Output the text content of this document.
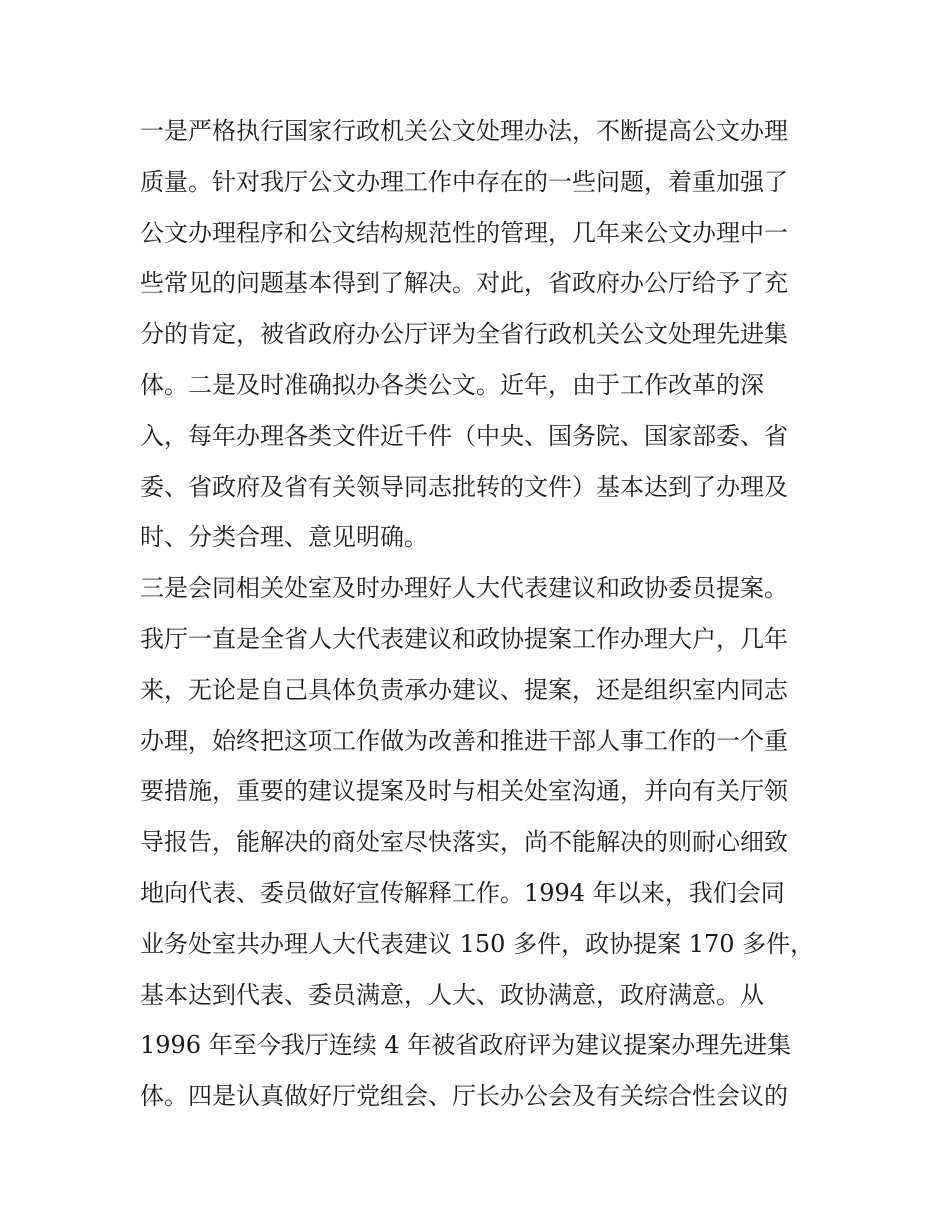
一是严格执行国家行政机关公文处理办法，不断提高公文办理
质量。针对我厅公文办理工作中存在的一些问题，着重加强了
公文办理程序和公文结构规范性的管理，几年来公文办理中一
些常见的问题基本得到了解决。对此，省政府办公厅给予了充
分的肯定，被省政府办公厅评为全省行政机关公文处理先进集
体。二是及时准确拟办各类公文。近年，由于工作改革的深
入，每年办理各类文件近千件（中央、国务院、国家部委、省
委、省政府及省有关领导同志批转的文件）基本达到了办理及
时、分类合理、意见明确。
三是会同相关处室及时办理好人大代表建议和政协委员提案。
我厅一直是全省人大代表建议和政协提案工作办理大户，几年
来，无论是自己具体负责承办建议、提案，还是组织室内同志
办理，始终把这项工作做为改善和推进干部人事工作的一个重
要措施，重要的建议提案及时与相关处室沟通，并向有关厅领
导报告，能解决的商处室尽快落实，尚不能解决的则耐心细致
地向代表、委员做好宣传解释工作。1994 年以来，我们会同
业务处室共办理人大代表建议 150 多件，政协提案 170 多件，
基本达到代表、委员满意，人大、政协满意，政府满意。从
1996 年至今我厅连续 4 年被省政府评为建议提案办理先进集
体。四是认真做好厅党组会、厅长办公会及有关综合性会议的
